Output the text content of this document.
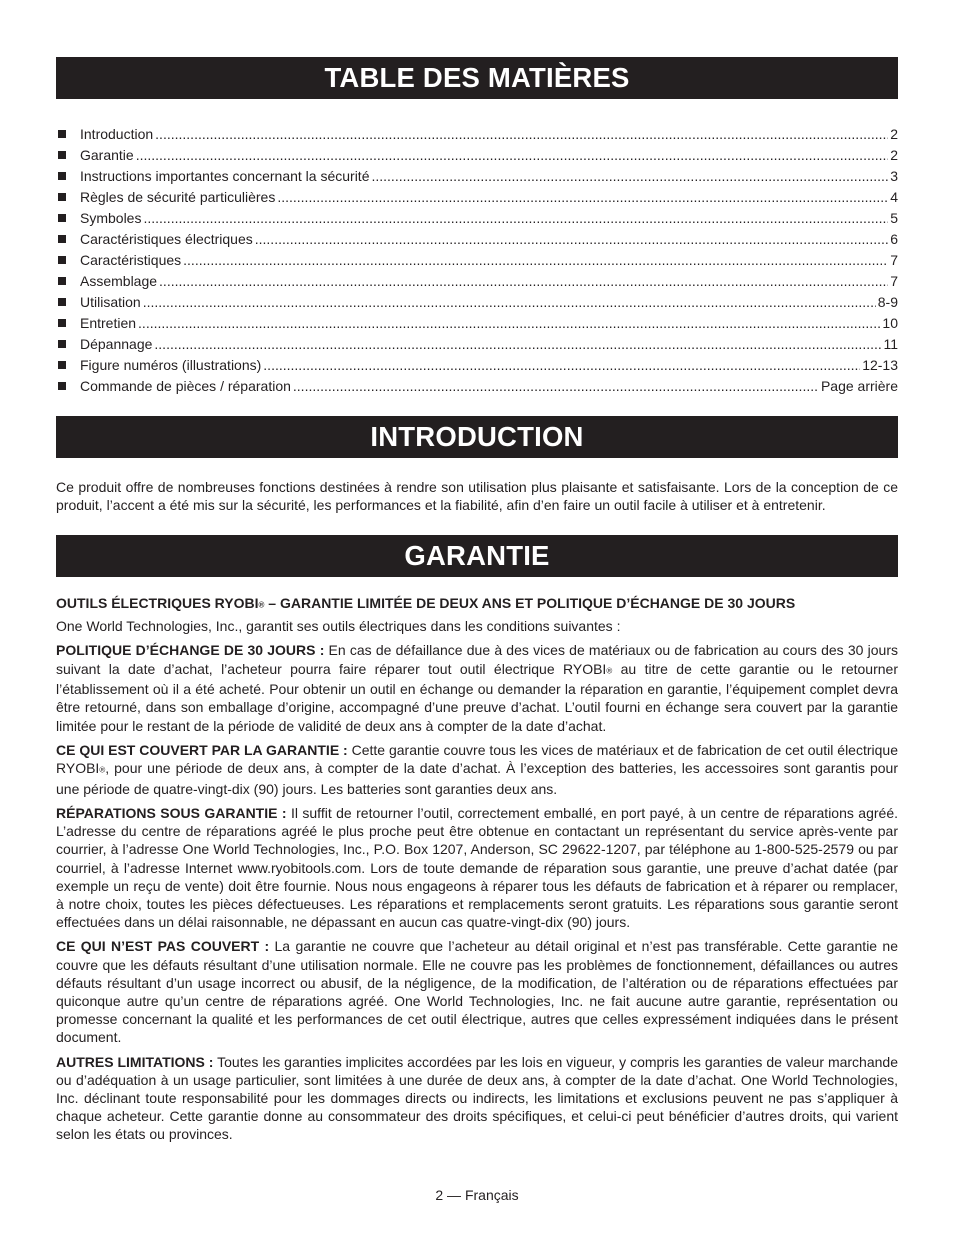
TABLE DES MATIÈRES
Introduction .....	2
Garantie .....	2
Instructions importantes concernant la sécurité .....	3
Règles de sécurité particulières .....	4
Symboles .....	5
Caractéristiques électriques .....	6
Caractéristiques .....	7
Assemblage .....	7
Utilisation .....	8-9
Entretien .....	10
Dépannage .....	11
Figure numéros (illustrations) .....	12-13
Commande de pièces / réparation .....	Page arrière
INTRODUCTION

Ce produit offre de nombreuses fonctions destinées à rendre son utilisation plus plaisante et satisfaisante. Lors de la conception de ce produit, l’accent a été mis sur la sécurité, les performances et la fiabilité, afin d’en faire un outil facile à utiliser et à entretenir.

GARANTIE

OUTILS ÉLECTRIQUES RYOBI® – GARANTIE LIMITÉE DE DEUX ANS ET POLITIQUE D’ÉCHANGE DE 30 JOURS

One World Technologies, Inc., garantit ses outils électriques dans les conditions suivantes :

POLITIQUE D’ÉCHANGE DE 30 JOURS : En cas de défaillance due à des vices de matériaux ou de fabrication au cours des 30 jours suivant la date d’achat, l’acheteur pourra faire réparer tout outil électrique RYOBI® au titre de cette garantie ou le retourner l’établissement où il a été acheté. Pour obtenir un outil en échange ou demander la réparation en garantie, l’équipement complet devra être retourné, dans son emballage d’origine, accompagné d’une preuve d’achat. L’outil fourni en échange sera couvert par la garantie limitée pour le restant de la période de validité de deux ans à compter de la date d’achat.

CE QUI EST COUVERT PAR LA GARANTIE : Cette garantie couvre tous les vices de matériaux et de fabrication de cet outil électrique RYOBI®, pour une période de deux ans, à compter de la date d’achat. À l’exception des batteries, les accessoires sont garantis pour une période de quatre-vingt-dix (90) jours. Les batteries sont garanties deux ans.

RÉPARATIONS SOUS GARANTIE : Il suffit de retourner l’outil, correctement emballé, en port payé, à un centre de réparations agréé. L’adresse du centre de réparations agréé le plus proche peut être obtenue en contactant un représentant du service après-vente par courrier, à l’adresse One World Technologies, Inc., P.O. Box 1207, Anderson, SC 29622-1207, par téléphone au 1-800-525-2579 ou par courriel, à l’adresse Internet www.ryobitools.com. Lors de toute demande de réparation sous garantie, une preuve d’achat datée (par exemple un reçu de vente) doit être fournie. Nous nous engageons à réparer tous les défauts de fabrication et à réparer ou remplacer, à notre choix, toutes les pièces défectueuses. Les réparations et remplacements seront gratuits. Les réparations sous garantie seront effectuées dans un délai raisonnable, ne dépassant en aucun cas quatre-vingt-dix (90) jours.

CE QUI N’EST PAS COUVERT : La garantie ne couvre que l’acheteur au détail original et n’est pas transférable. Cette garantie ne couvre que les défauts résultant d’une utilisation normale. Elle ne couvre pas les problèmes de fonctionnement, défaillances ou autres défauts résultant d’un usage incorrect ou abusif, de la négligence, de la modification, de l’altération ou de réparations effectuées par quiconque autre qu’un centre de réparations agréé. One World Technologies, Inc. ne fait aucune autre garantie, représentation ou promesse concernant la qualité et les performances de cet outil électrique, autres que celles expressément indiquées dans le présent document.

AUTRES LIMITATIONS : Toutes les garanties implicites accordées par les lois en vigueur, y compris les garanties de valeur marchande ou d’adéquation à un usage particulier, sont limitées à une durée de deux ans, à compter de la date d’achat. One World Technologies, Inc. déclinant toute responsabilité pour les dommages directs ou indirects, les limitations et exclusions peuvent ne pas s’appliquer à chaque acheteur. Cette garantie donne au consommateur des droits spécifiques, et celui-ci peut bénéficier d’autres droits, qui varient selon les états ou provinces.

2 — Français
